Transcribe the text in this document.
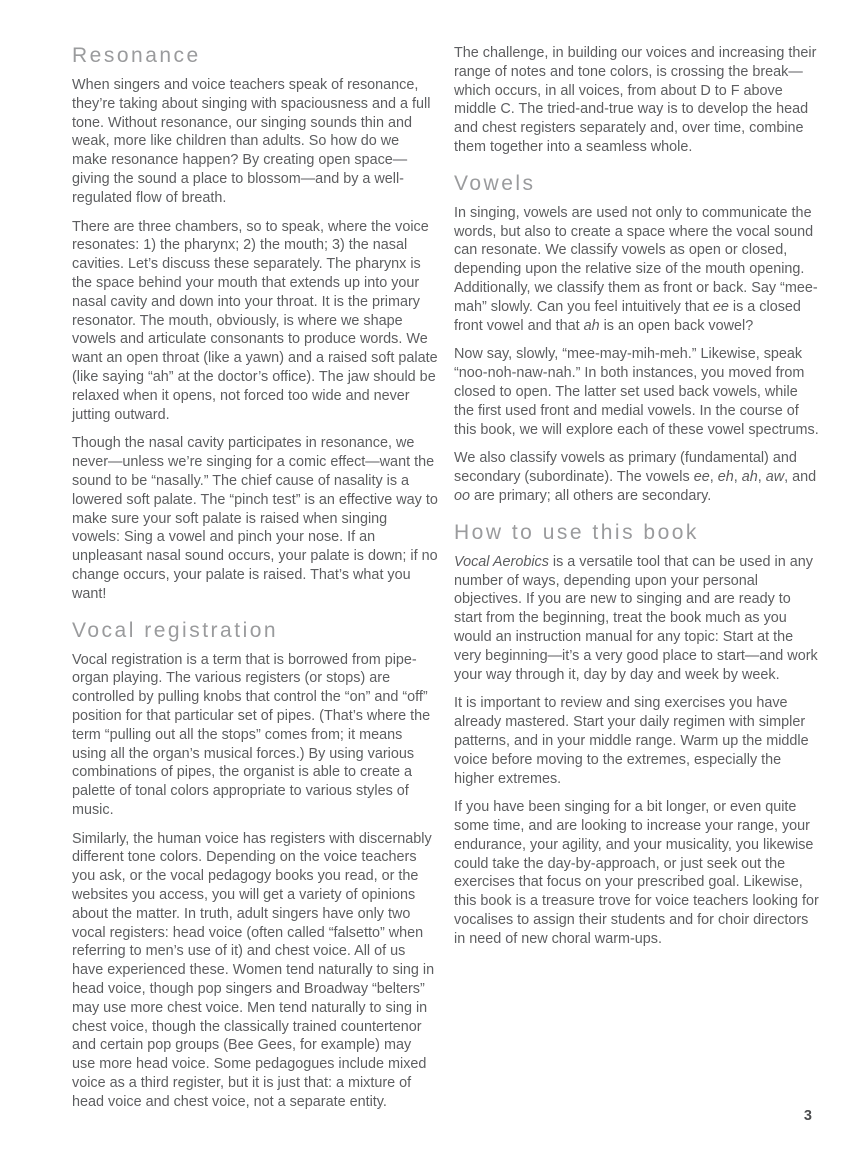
Resonance

When singers and voice teachers speak of resonance, they’re taking about singing with spaciousness and a full tone. Without resonance, our singing sounds thin and weak, more like children than adults. So how do we make resonance happen? By creating open space—giving the sound a place to blossom—and by a well-regulated flow of breath.

There are three chambers, so to speak, where the voice resonates: 1) the pharynx; 2) the mouth; 3) the nasal cavities. Let’s discuss these separately. The pharynx is the space behind your mouth that extends up into your nasal cavity and down into your throat. It is the primary resonator. The mouth, obviously, is where we shape vowels and articulate consonants to produce words. We want an open throat (like a yawn) and a raised soft palate (like saying “ah” at the doctor’s office). The jaw should be relaxed when it opens, not forced too wide and never jutting outward.

Though the nasal cavity participates in resonance, we never—unless we’re singing for a comic effect—want the sound to be “nasally.” The chief cause of nasality is a lowered soft palate. The “pinch test” is an effective way to make sure your soft palate is raised when singing vowels: Sing a vowel and pinch your nose. If an unpleasant nasal sound occurs, your palate is down; if no change occurs, your palate is raised. That’s what you want!

Vocal registration

Vocal registration is a term that is borrowed from pipe-organ playing. The various registers (or stops) are controlled by pulling knobs that control the “on” and “off” position for that particular set of pipes. (That’s where the term “pulling out all the stops” comes from; it means using all the organ’s musical forces.) By using various combinations of pipes, the organist is able to create a palette of tonal colors appropriate to various styles of music.

Similarly, the human voice has registers with discernably different tone colors. Depending on the voice teachers you ask, or the vocal pedagogy books you read, or the websites you access, you will get a variety of opinions about the matter. In truth, adult singers have only two vocal registers: head voice (often called “falsetto” when referring to men’s use of it) and chest voice. All of us have experienced these. Women tend naturally to sing in head voice, though pop singers and Broadway “belters” may use more chest voice. Men tend naturally to sing in chest voice, though the classically trained countertenor and certain pop groups (Bee Gees, for example) may use more head voice. Some pedagogues include mixed voice as a third register, but it is just that: a mixture of head voice and chest voice, not a separate entity.

The challenge, in building our voices and increasing their range of notes and tone colors, is crossing the break—which occurs, in all voices, from about D to F above middle C. The tried-and-true way is to develop the head and chest registers separately and, over time, combine them together into a seamless whole.

Vowels

In singing, vowels are used not only to communicate the words, but also to create a space where the vocal sound can resonate. We classify vowels as open or closed, depending upon the relative size of the mouth opening. Additionally, we classify them as front or back. Say “mee-mah” slowly. Can you feel intuitively that ee is a closed front vowel and that ah is an open back vowel?

Now say, slowly, “mee-may-mih-meh.” Likewise, speak “noo-noh-naw-nah.” In both instances, you moved from closed to open. The latter set used back vowels, while the first used front and medial vowels. In the course of this book, we will explore each of these vowel spectrums.

We also classify vowels as primary (fundamental) and secondary (subordinate). The vowels ee, eh, ah, aw, and oo are primary; all others are secondary.

How to use this book

Vocal Aerobics is a versatile tool that can be used in any number of ways, depending upon your personal objectives. If you are new to singing and are ready to start from the beginning, treat the book much as you would an instruction manual for any topic: Start at the very beginning—it’s a very good place to start—and work your way through it, day by day and week by week.

It is important to review and sing exercises you have already mastered. Start your daily regimen with simpler patterns, and in your middle range. Warm up the middle voice before moving to the extremes, especially the higher extremes.

If you have been singing for a bit longer, or even quite some time, and are looking to increase your range, your endurance, your agility, and your musicality, you likewise could take the day-by-approach, or just seek out the exercises that focus on your prescribed goal. Likewise, this book is a treasure trove for voice teachers looking for vocalises to assign their students and for choir directors in need of new choral warm-ups.

3
